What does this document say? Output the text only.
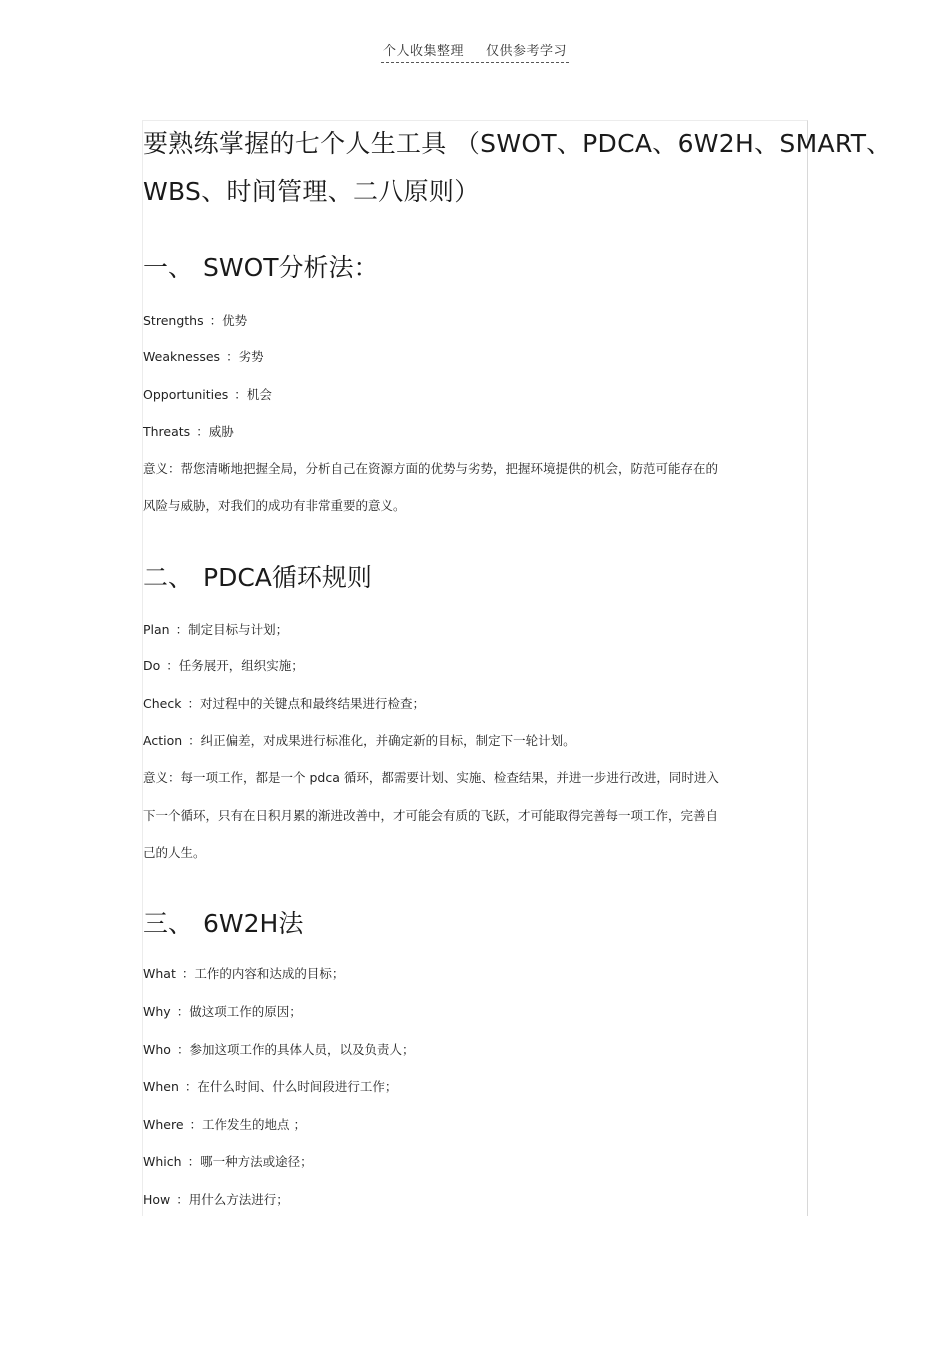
个人收集整理 仅供参考学习
要熟练掌握的七个人生工具 （SWOT、PDCA、6W2H、SMART、
WBS、时间管理、二八原则）
一、 SWOT分析法：
Strengths ：优势
Weaknesses ：劣势
Opportunities ：机会
Threats ：威胁
意义：帮您清晰地把握全局，分析自己在资源方面的优势与劣势，把握环境提供的机会，防范可能存在的
风险与威胁，对我们的成功有非常重要的意义。
二、 PDCA循环规则
Plan ：制定目标与计划；
Do ：任务展开，组织实施；
Check ：对过程中的关键点和最终结果进行检查；
Action ：纠正偏差，对成果进行标准化，并确定新的目标，制定下一轮计划。
意义：每一项工作，都是一个 pdca 循环，都需要计划、实施、检查结果，并进一步进行改进，同时进入
下一个循环，只有在日积月累的渐进改善中，才可能会有质的飞跃，才可能取得完善每一项工作，完善自
己的人生。
三、 6W2H法
What ：工作的内容和达成的目标；
Why ：做这项工作的原因；
Who ：参加这项工作的具体人员，以及负责人；
When ：在什么时间、什么时间段进行工作；
Where ：工作发生的地点 ；
Which ：哪一种方法或途径；
How ：用什么方法进行；
